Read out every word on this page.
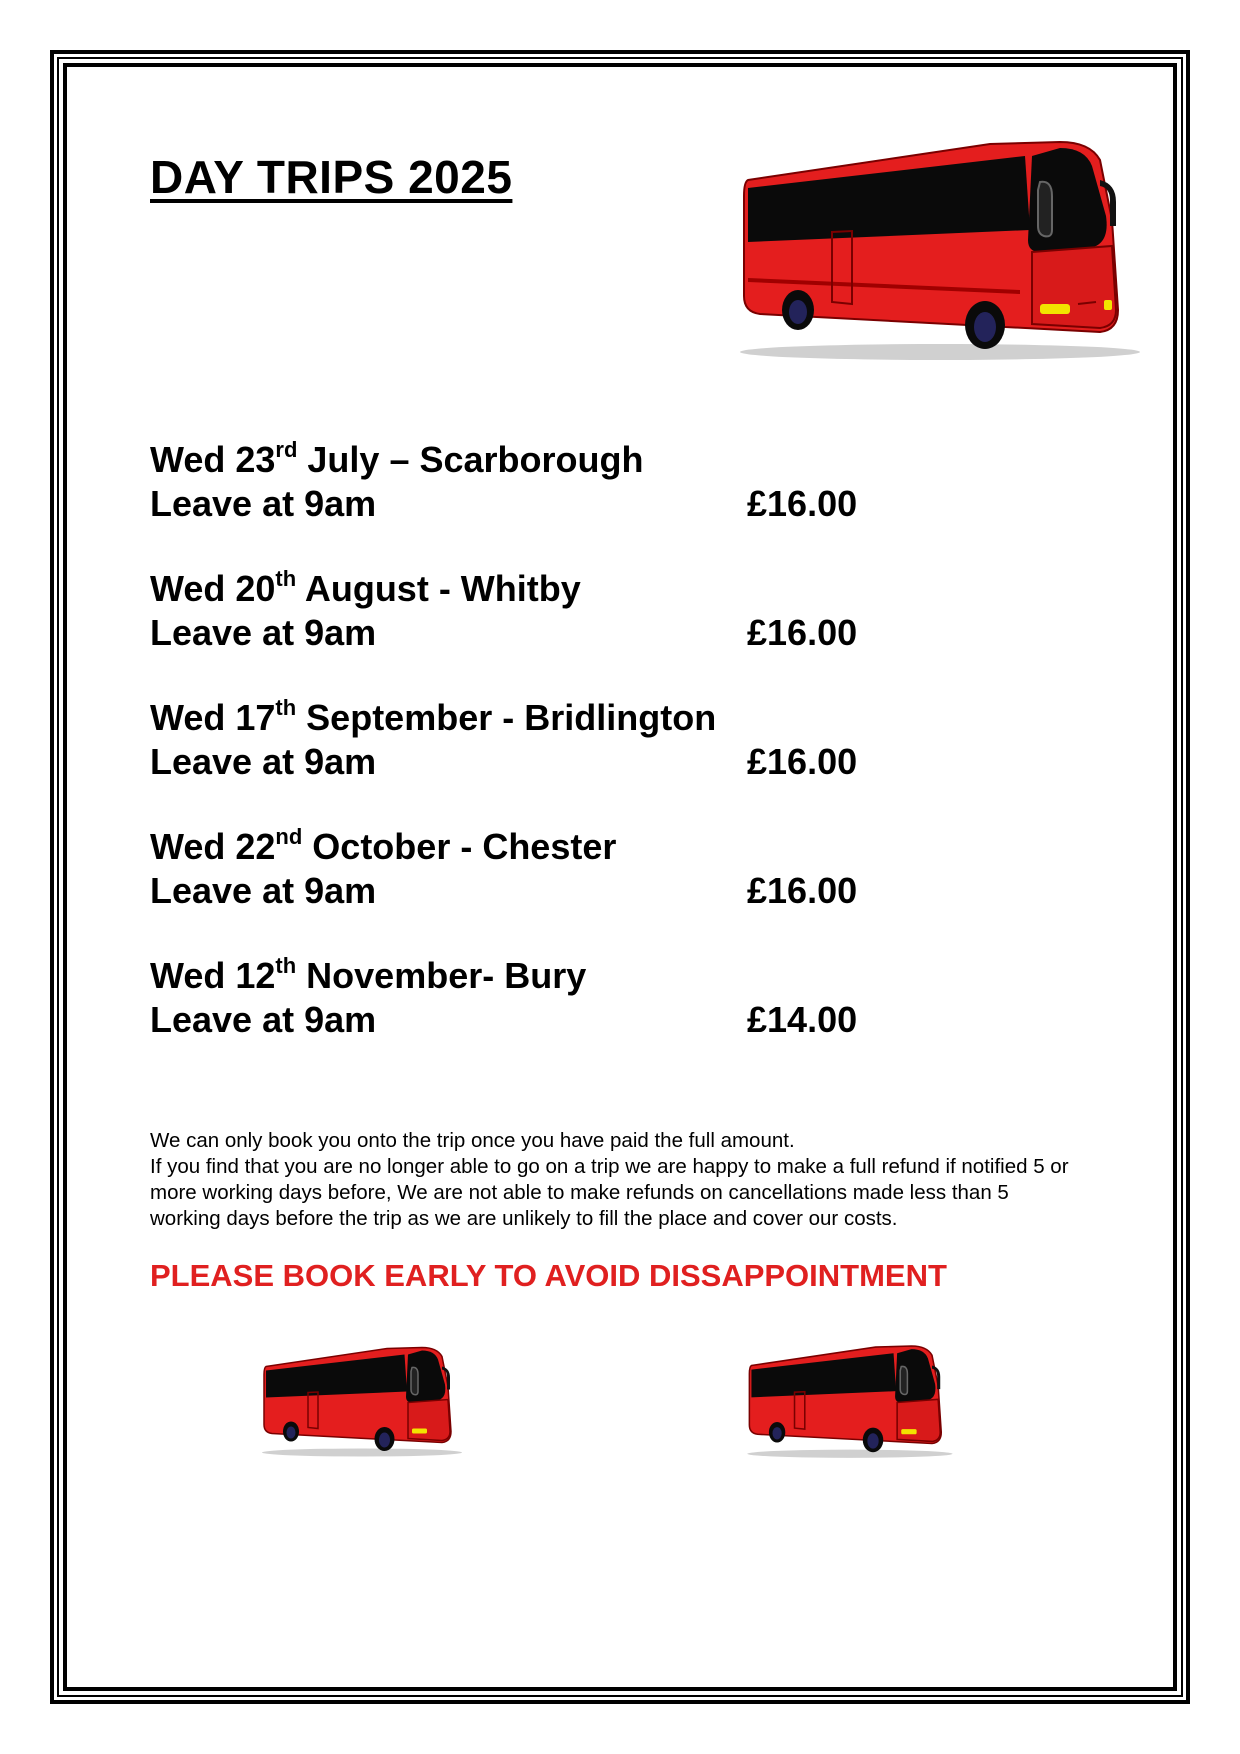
DAY TRIPS 2025
Wed 23rd July – Scarborough
Leave at 9am	£16.00
Wed 20th August - Whitby
Leave at 9am	£16.00
Wed 17th September - Bridlington
Leave at 9am	£16.00
Wed 22nd October - Chester
Leave at 9am	£16.00
Wed 12th November- Bury
Leave at 9am	£14.00

We can only book you onto the trip once you have paid the full amount.

If you find that you are no longer able to go on a trip we are happy to make a full refund if notified 5 or more working days before, We are not able to make refunds on cancellations made less than 5 working days before the trip as we are unlikely to fill the place and cover our costs.

PLEASE BOOK EARLY TO AVOID DISSAPPOINTMENT
